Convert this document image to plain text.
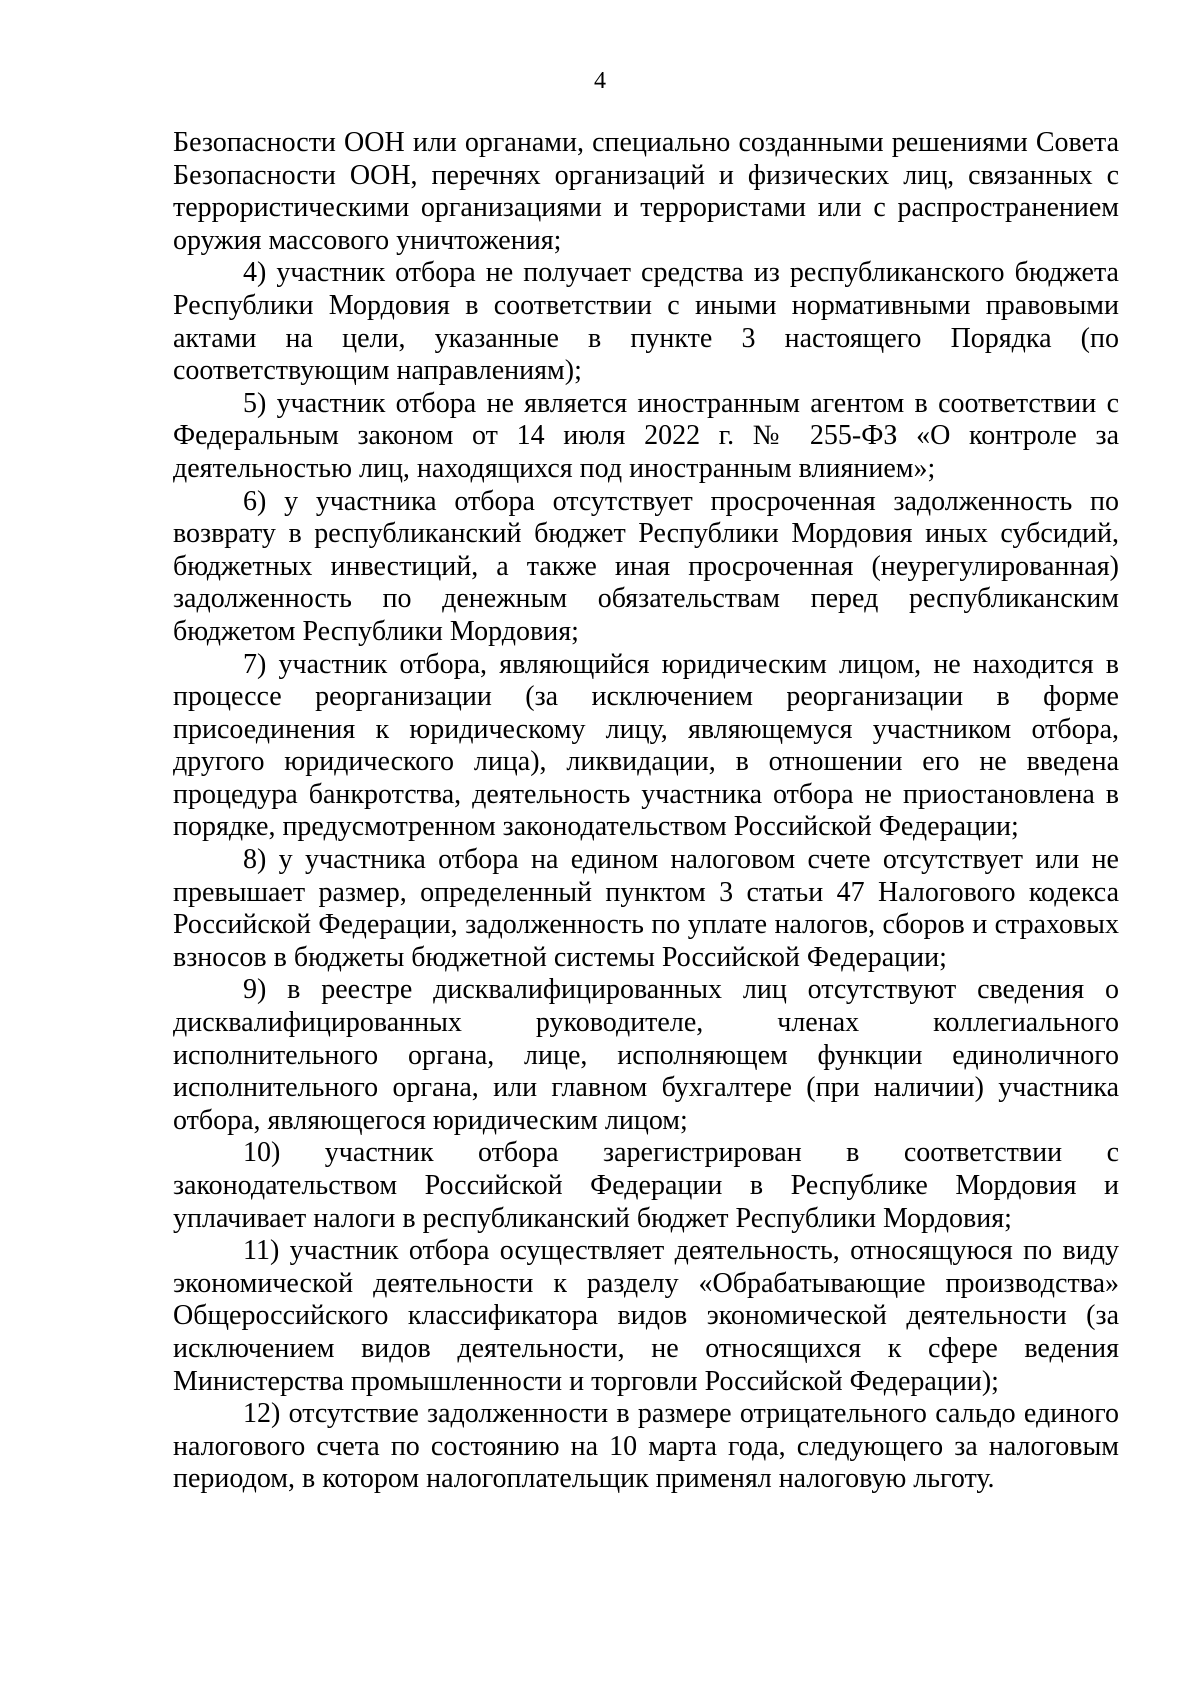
4

Безопасности ООН или органами, специально созданными решениями Совета Безопасности ООН, перечнях организаций и физических лиц, связанных с террористическими организациями и террористами или с распространением оружия массового уничтожения;

4) участник отбора не получает средства из республиканского бюджета Республики Мордовия в соответствии с иными нормативными правовыми актами на цели, указанные в пункте 3 настоящего Порядка (по соответствующим направлениям);

5) участник отбора не является иностранным агентом в соответствии с Федеральным законом от 14 июля 2022 г. № 255-ФЗ «О контроле за деятельностью лиц, находящихся под иностранным влиянием»;

6) у участника отбора отсутствует просроченная задолженность по возврату в республиканский бюджет Республики Мордовия иных субсидий, бюджетных инвестиций, а также иная просроченная (неурегулированная) задолженность по денежным обязательствам перед республиканским бюджетом Республики Мордовия;

7) участник отбора, являющийся юридическим лицом, не находится в процессе реорганизации (за исключением реорганизации в форме присоединения к юридическому лицу, являющемуся участником отбора, другого юридического лица), ликвидации, в отношении его не введена процедура банкротства, деятельность участника отбора не приостановлена в порядке, предусмотренном законодательством Российской Федерации;

8) у участника отбора на едином налоговом счете отсутствует или не превышает размер, определенный пунктом 3 статьи 47 Налогового кодекса Российской Федерации, задолженность по уплате налогов, сборов и страховых взносов в бюджеты бюджетной системы Российской Федерации;

9) в реестре дисквалифицированных лиц отсутствуют сведения о дисквалифицированных руководителе, членах коллегиального исполнительного органа, лице, исполняющем функции единоличного исполнительного органа, или главном бухгалтере (при наличии) участника отбора, являющегося юридическим лицом;

10) участник отбора зарегистрирован в соответствии с законодательством Российской Федерации в Республике Мордовия и уплачивает налоги в республиканский бюджет Республики Мордовия;

11) участник отбора осуществляет деятельность, относящуюся по виду экономической деятельности к разделу «Обрабатывающие производства» Общероссийского классификатора видов экономической деятельности (за исключением видов деятельности, не относящихся к сфере ведения Министерства промышленности и торговли Российской Федерации);

12) отсутствие задолженности в размере отрицательного сальдо единого налогового счета по состоянию на 10 марта года, следующего за налоговым периодом, в котором налогоплательщик применял налоговую льготу.
